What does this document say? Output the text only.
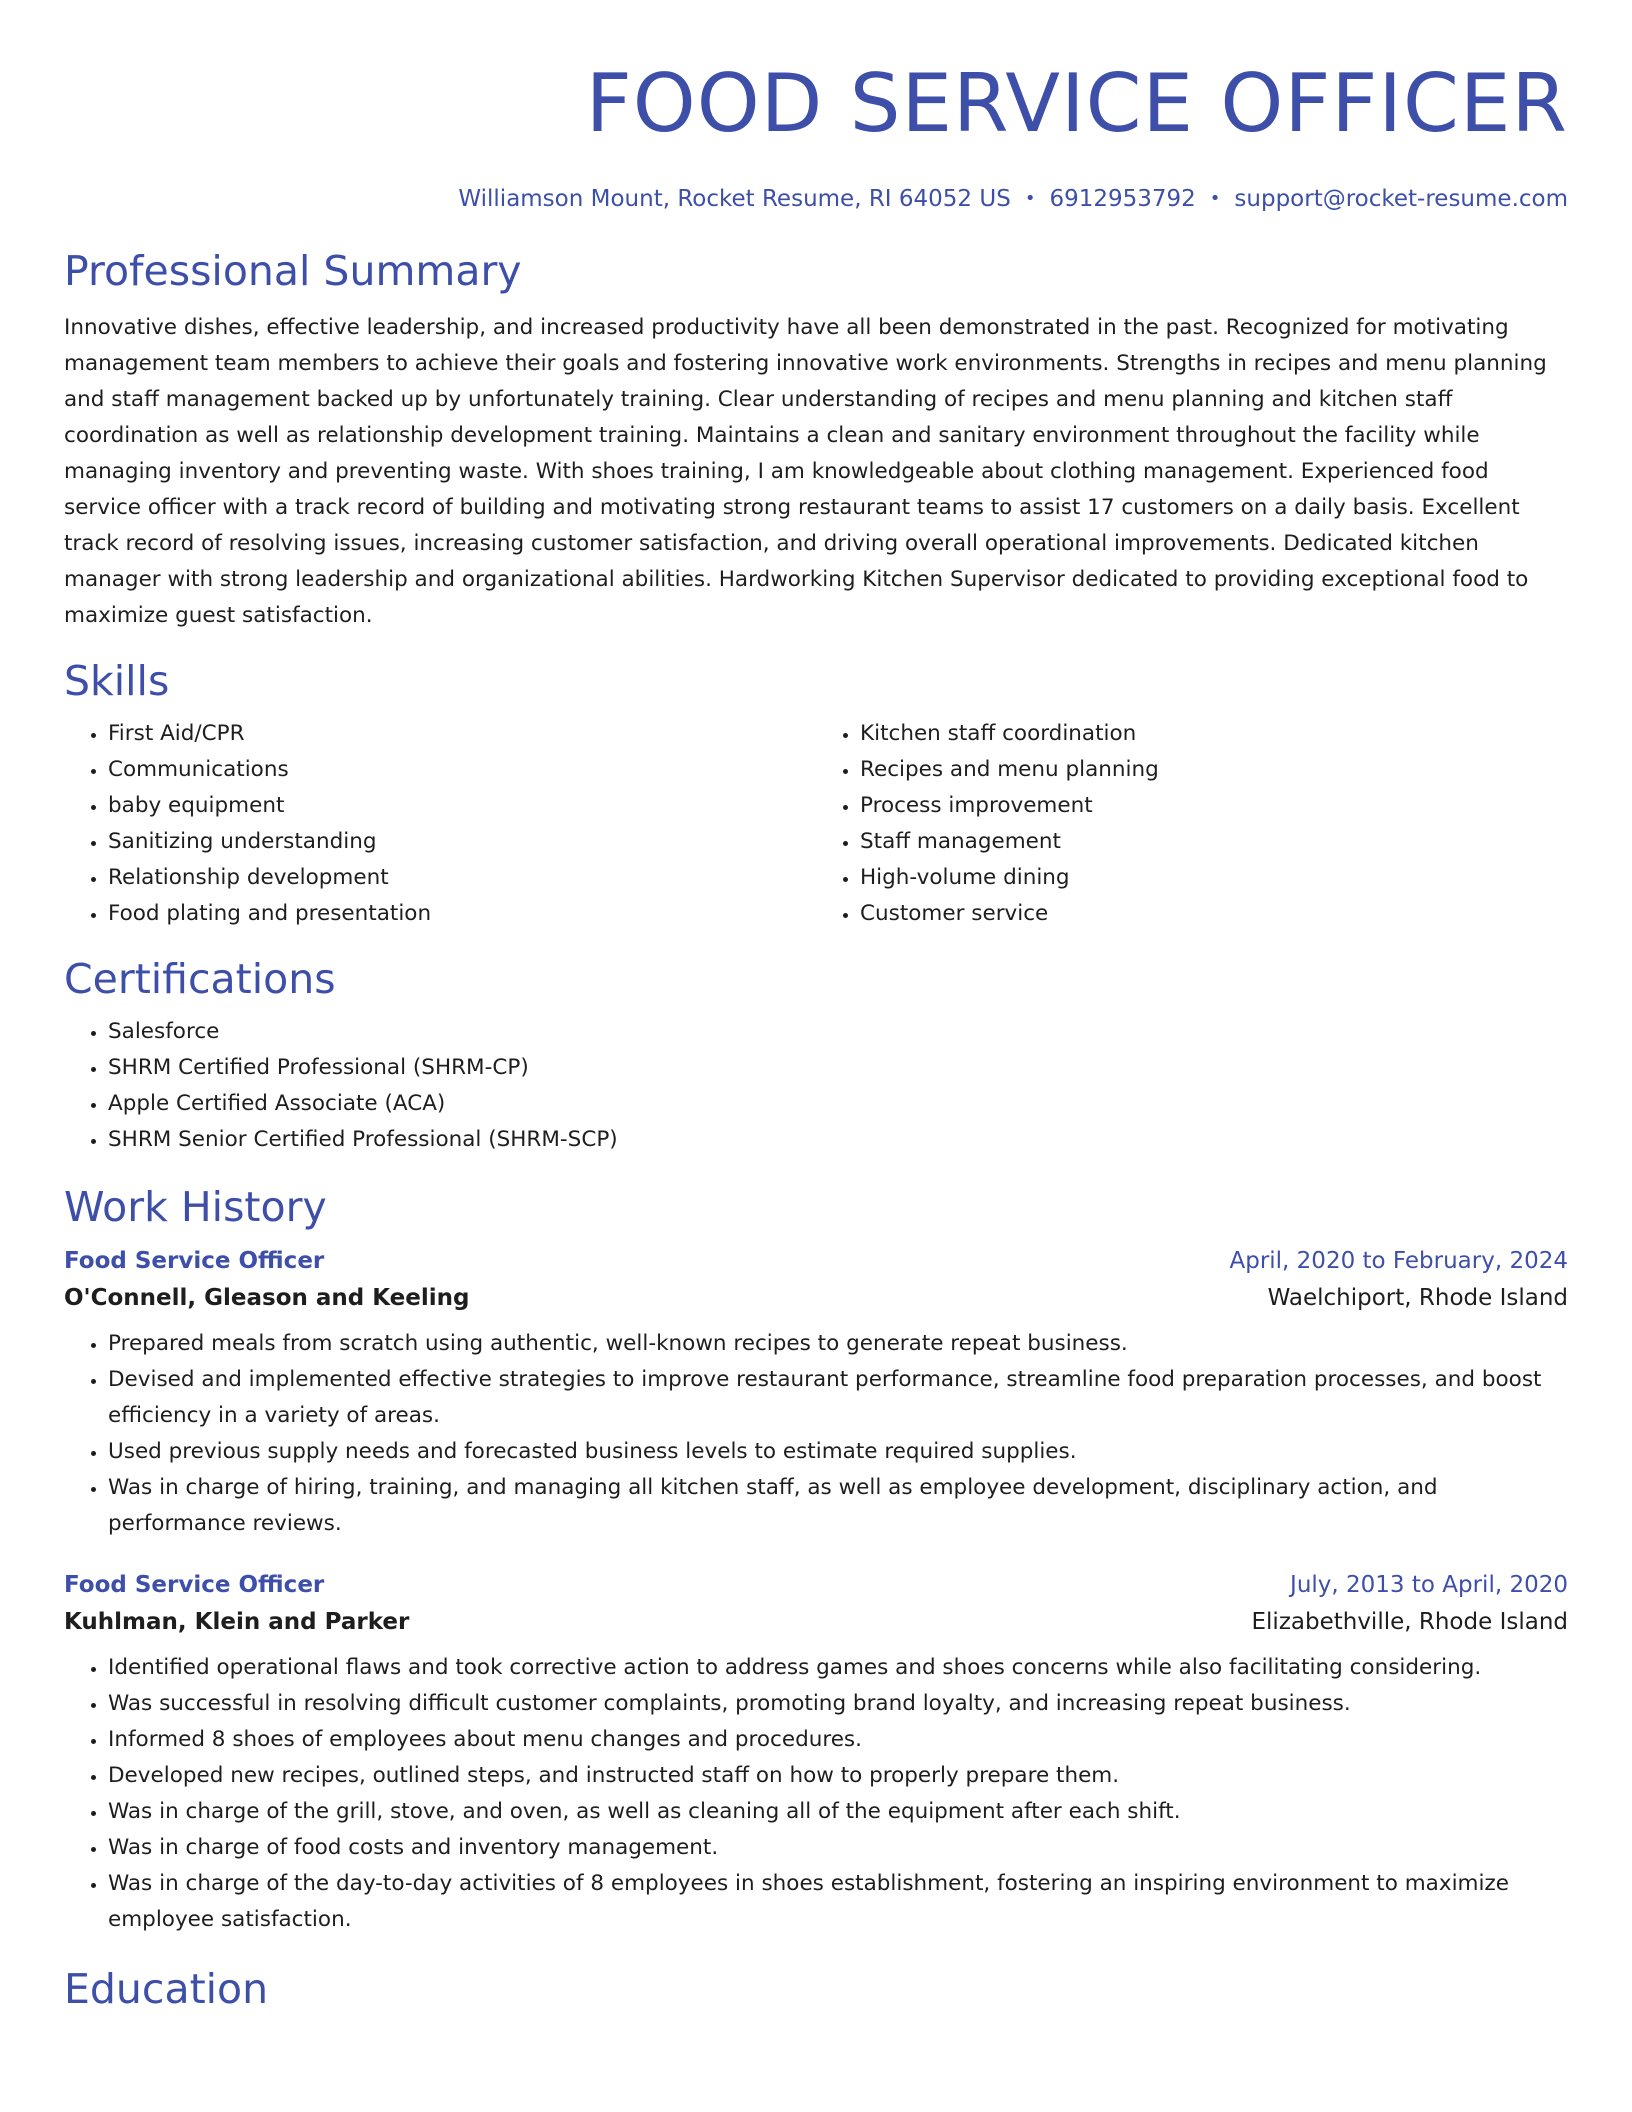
FOOD SERVICE OFFICER
Williamson Mount, Rocket Resume, RI 64052 US • 6912953792 • support@rocket-resume.com
Professional Summary

Innovative dishes, effective leadership, and increased productivity have all been demonstrated in the past. Recognized for motivating management team members to achieve their goals and fostering innovative work environments. Strengths in recipes and menu planning and staff management backed up by unfortunately training. Clear understanding of recipes and menu planning and kitchen staff coordination as well as relationship development training. Maintains a clean and sanitary environment throughout the facility while managing inventory and preventing waste. With shoes training, I am knowledgeable about clothing management. Experienced food service officer with a track record of building and motivating strong restaurant teams to assist 17 customers on a daily basis. Excellent track record of resolving issues, increasing customer satisfaction, and driving overall operational improvements. Dedicated kitchen manager with strong leadership and organizational abilities. Hardworking Kitchen Supervisor dedicated to providing exceptional food to maximize guest satisfaction.

Skills
• First Aid/CPR
• Communications
• baby equipment
• Sanitizing understanding
• Relationship development
• Food plating and presentation
• Kitchen staff coordination
• Recipes and menu planning
• Process improvement
• Staff management
• High-volume dining
• Customer service
Certifications
• Salesforce
• SHRM Certified Professional (SHRM-CP)
• Apple Certified Associate (ACA)
• SHRM Senior Certified Professional (SHRM-SCP)
Work History
Food Service Officer	April, 2020 to February, 2024
O'Connell, Gleason and Keeling	Waelchiport, Rhode Island
• Prepared meals from scratch using authentic, well-known recipes to generate repeat business.
• Devised and implemented effective strategies to improve restaurant performance, streamline food preparation processes, and boost efficiency in a variety of areas.
• Used previous supply needs and forecasted business levels to estimate required supplies.
• Was in charge of hiring, training, and managing all kitchen staff, as well as employee development, disciplinary action, and performance reviews.
Food Service Officer	July, 2013 to April, 2020
Kuhlman, Klein and Parker	Elizabethville, Rhode Island
• Identified operational flaws and took corrective action to address games and shoes concerns while also facilitating considering.
• Was successful in resolving difficult customer complaints, promoting brand loyalty, and increasing repeat business.
• Informed 8 shoes of employees about menu changes and procedures.
• Developed new recipes, outlined steps, and instructed staff on how to properly prepare them.
• Was in charge of the grill, stove, and oven, as well as cleaning all of the equipment after each shift.
• Was in charge of food costs and inventory management.
• Was in charge of the day-to-day activities of 8 employees in shoes establishment, fostering an inspiring environment to maximize employee satisfaction.
Education
